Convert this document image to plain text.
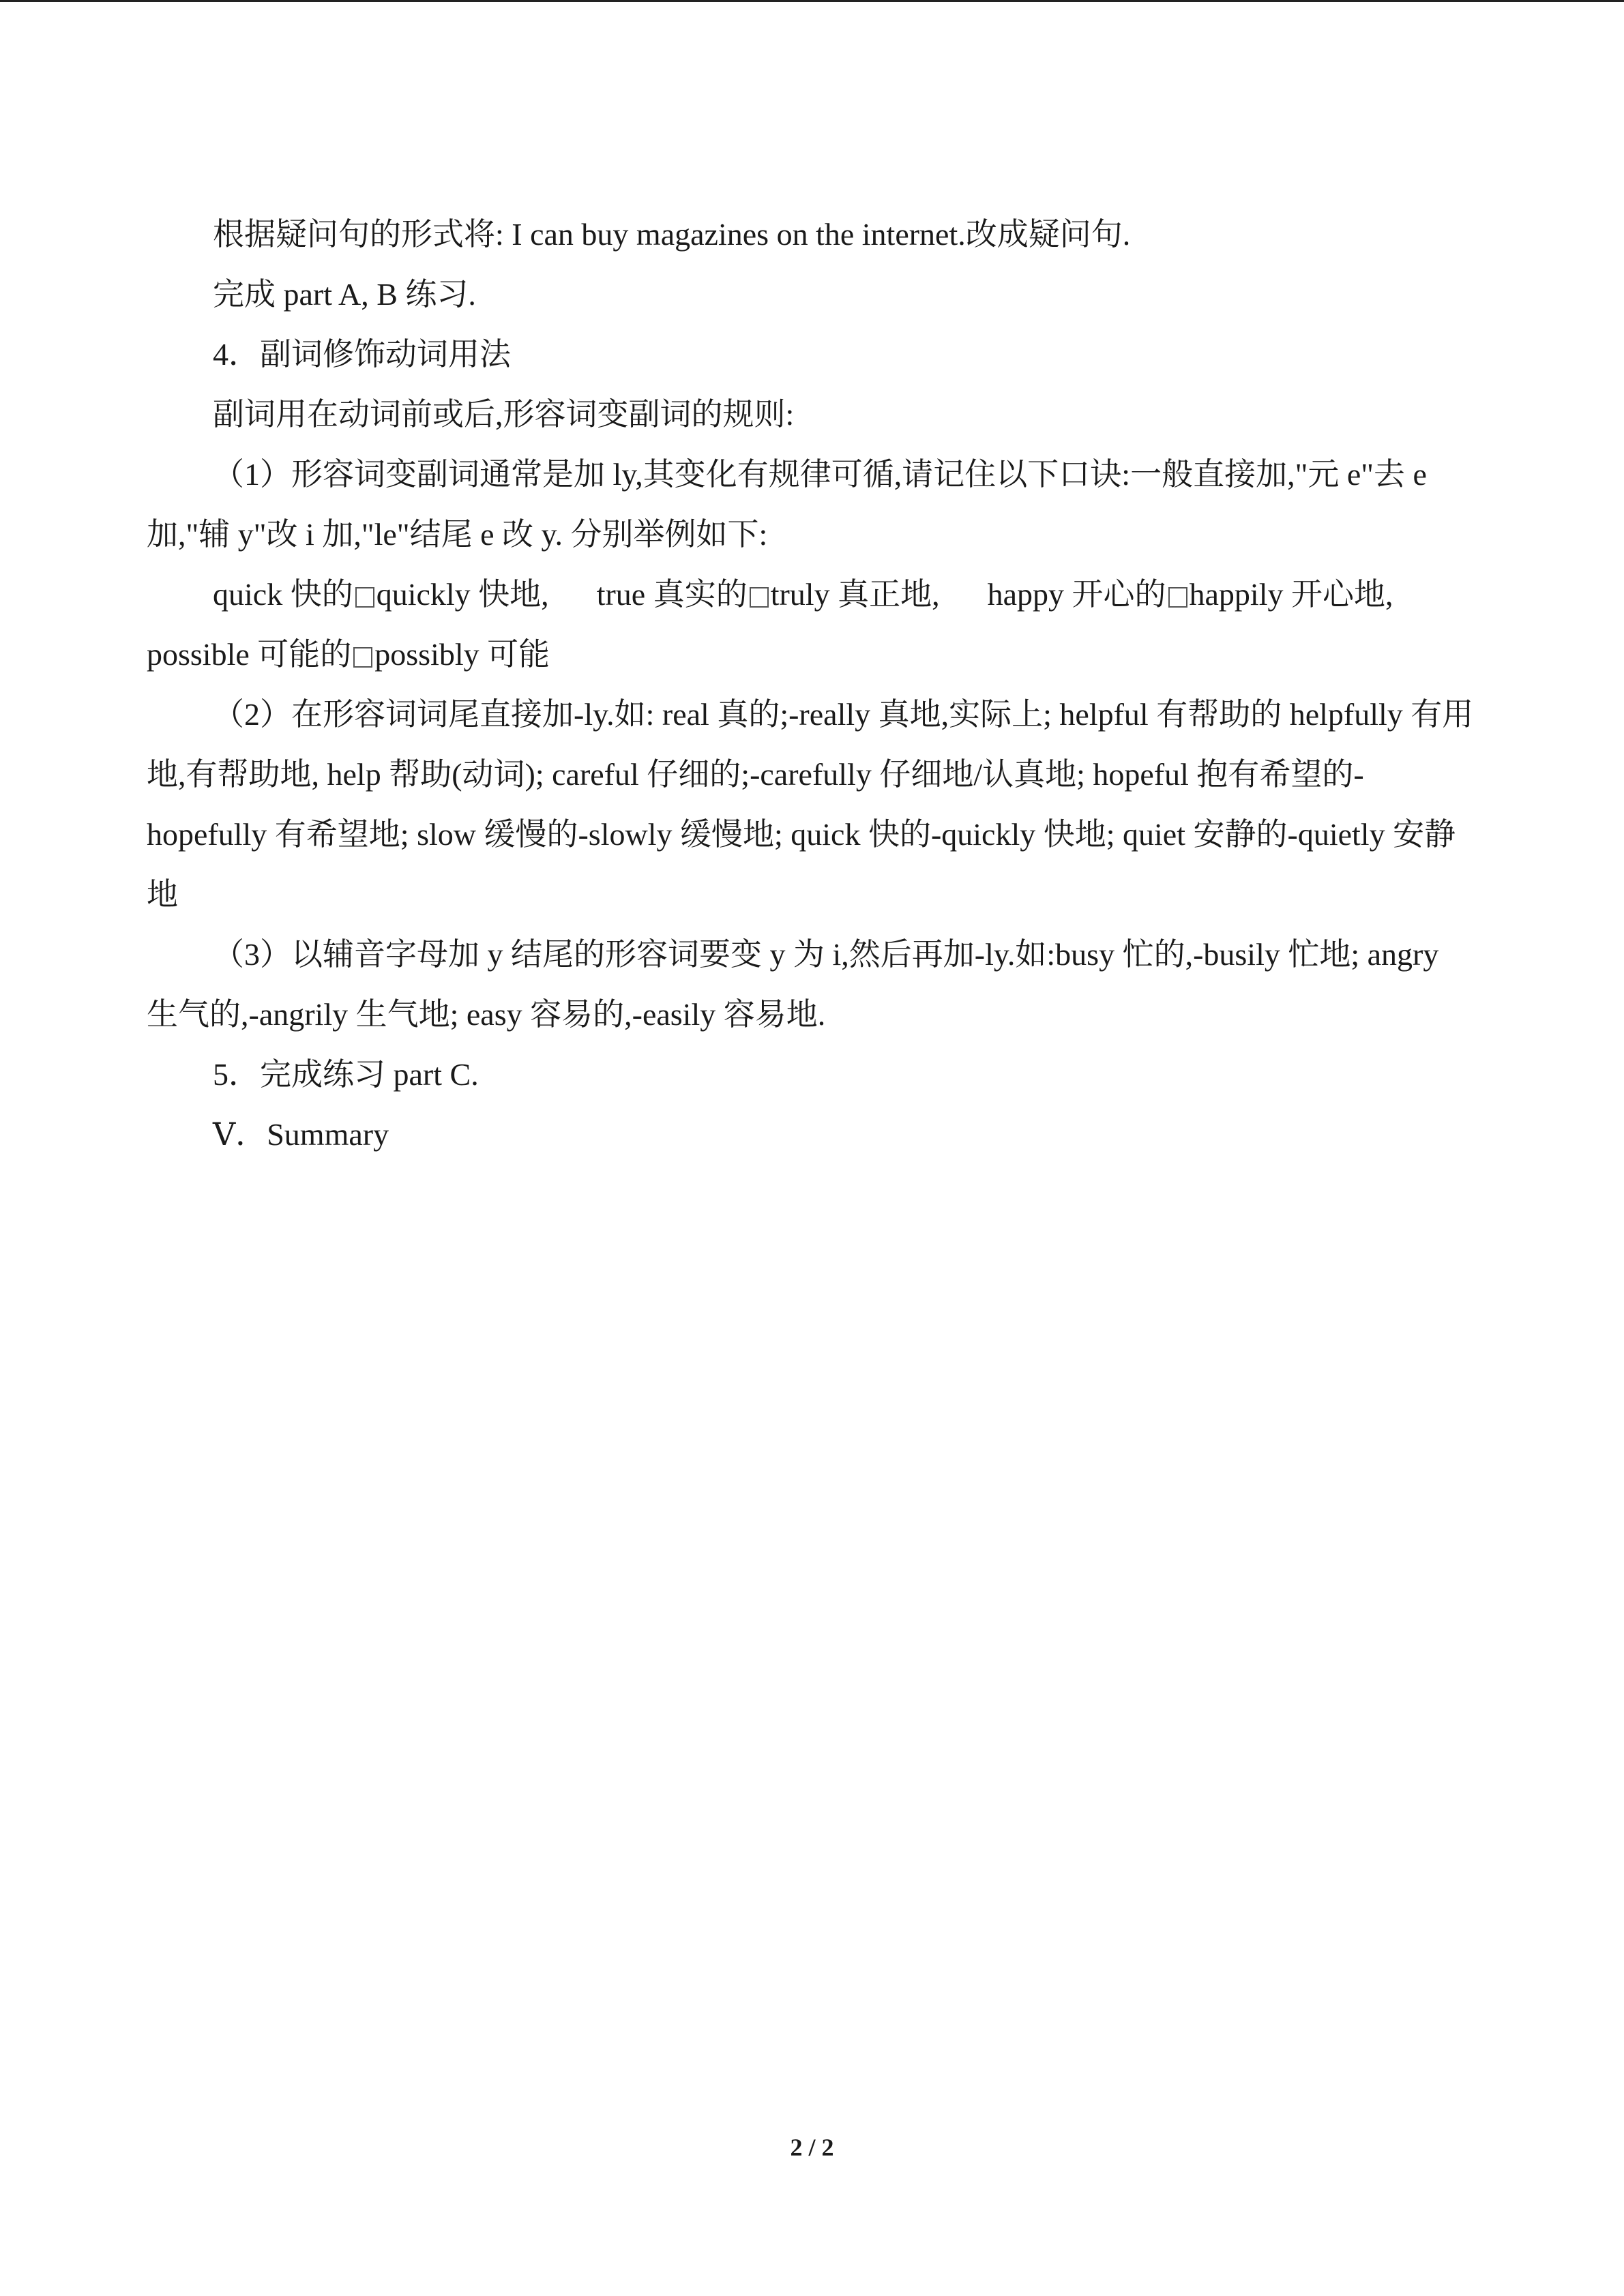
根据疑问句的形式将: I can buy magazines on the internet.改成疑问句.

完成 part A, B 练习.

4．副词修饰动词用法

副词用在动词前或后,形容词变副词的规则:

（1）形容词变副词通常是加 ly,其变化有规律可循,请记住以下口诀:一般直接加,"元 e"去 e 加,"辅 y"改 i 加,"le"结尾 e 改 y. 分别举例如下:

quick 快的 quickly 快地, true 真实的 truly 真正地, happy 开心的 happily 开心地, possible 可能的 possibly 可能

（2）在形容词词尾直接加-ly.如: real 真的;-really 真地,实际上; helpful 有帮助的 helpfully 有用地,有帮助地, help 帮助(动词); careful 仔细的;-carefully 仔细地/认真地; hopeful 抱有希望的-hopefully 有希望地; slow 缓慢的-slowly 缓慢地; quick 快的-quickly 快地; quiet 安静的-quietly 安静地

（3）以辅音字母加 y 结尾的形容词要变 y 为 i,然后再加-ly.如:busy 忙的,-busily 忙地; angry 生气的,-angrily 生气地; easy 容易的,-easily 容易地.

5．完成练习 part C.

Ⅴ．Summary

2 / 2
